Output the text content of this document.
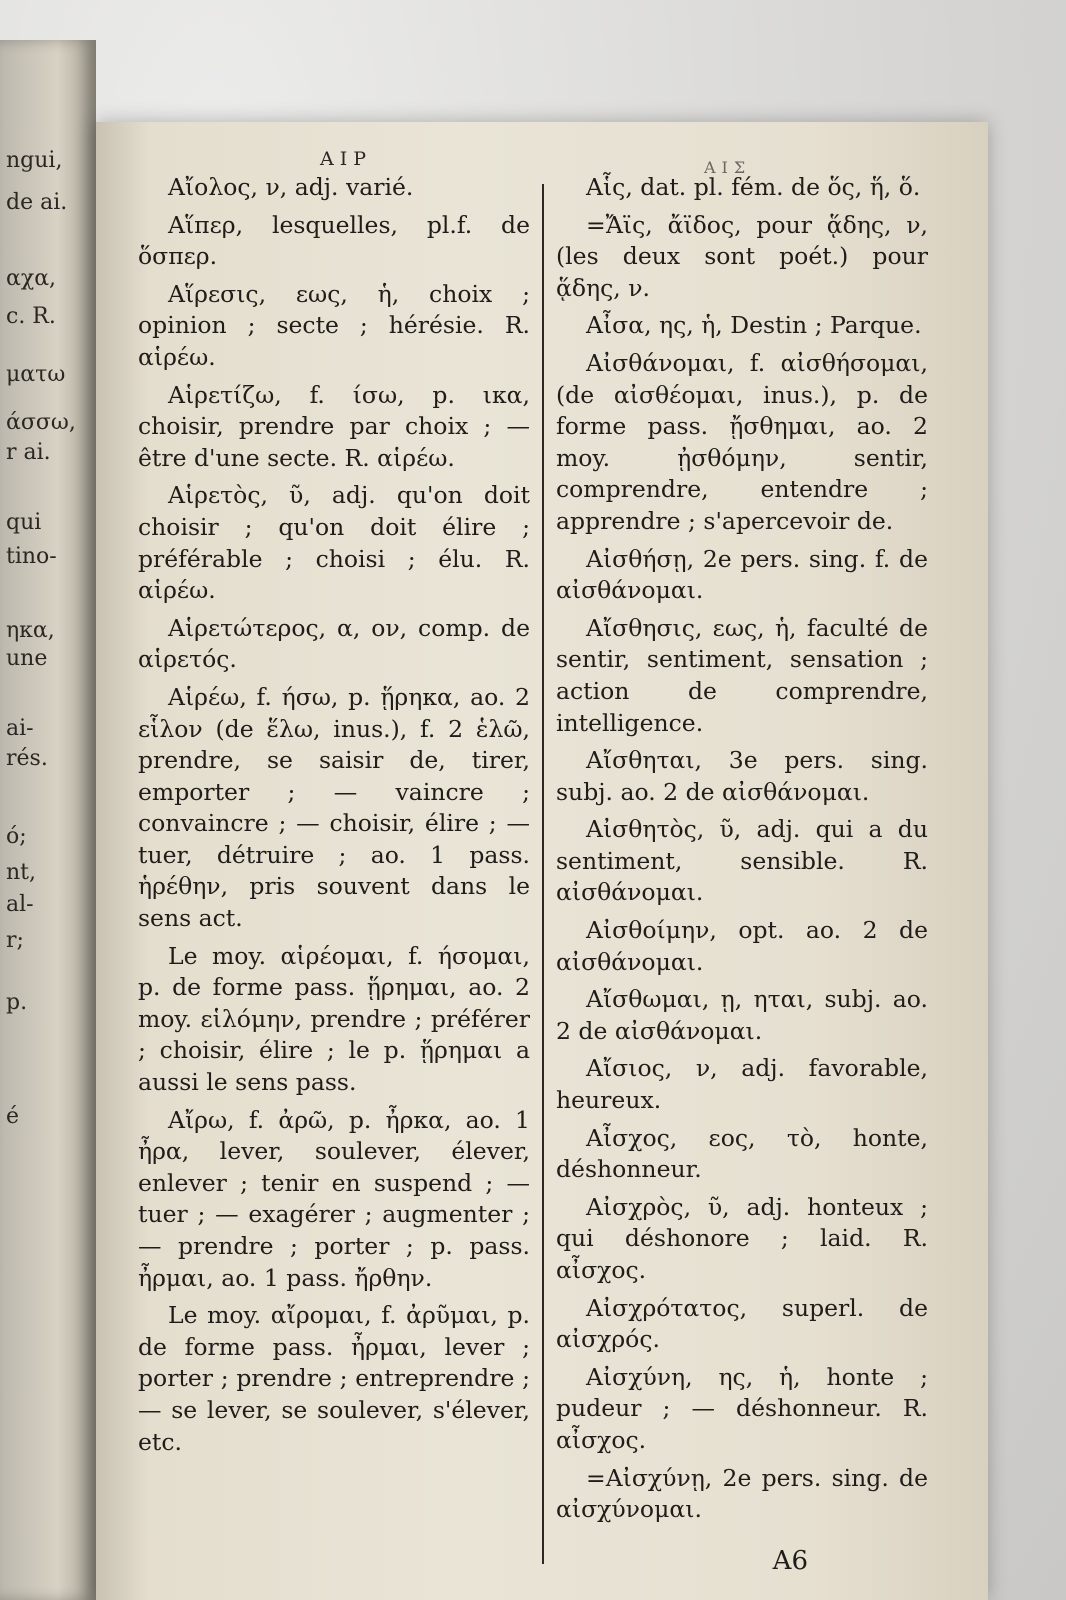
ngui,
de ai.
αχα,
c. R.
ματω
άσσω,
r ai.
qui
tino-
ηκα,
une
ai-
rés.
ό;
nt,
al-
r;
p.
é
ΑΙΡ	ΑΙΣ

Αἴολος, ν, adj. varié.

Αἵπερ, lesquelles, pl.f. de ὅσπερ.

Αἵρεσις, εως, ἡ, choix ; opinion ; secte ; hérésie. R. αἱρέω.

Αἱρετίζω, f. ίσω, p. ικα, choisir, prendre par choix ; — être d'une secte. R. αἱρέω.

Αἱρετὸς, ῦ, adj. qu'on doit choisir ; qu'on doit élire ; préférable ; choisi ; élu. R. αἱρέω.

Αἱρετώτερος, α, ον, comp. de αἱρετός.

Αἱρέω, f. ήσω, p. ᾕρηκα, ao. 2 εἷλον (de ἕλω, inus.), f. 2 ἑλῶ, prendre, se saisir de, tirer, emporter ; — vaincre ; convaincre ; — choisir, élire ; — tuer, détruire ; ao. 1 pass. ἡρέθην, pris souvent dans le sens act.

Le moy. αἱρέομαι, f. ήσομαι, p. de forme pass. ᾕρημαι, ao. 2 moy. εἱλόμην, prendre ; préférer ; choisir, élire ; le p. ᾕρημαι a aussi le sens pass.

Αἴρω, f. ἀρῶ, p. ἦρκα, ao. 1 ἦρα, lever, soulever, élever, enlever ; tenir en suspend ; — tuer ; — exagérer ; augmenter ; — prendre ; porter ; p. pass. ἦρμαι, ao. 1 pass. ἤρθην.

Le moy. αἴρομαι, f. ἀρῦμαι, p. de forme pass. ἦρμαι, lever ; porter ; prendre ; entreprendre ; — se lever, se soulever, s'élever, etc.

Αἷς, dat. pl. fém. de ὅς, ἥ, ὅ.

=Ἄϊς, ἄϊδος, pour ᾅδης, ν, (les deux sont poét.) pour ᾅδης, ν.

Αἶσα, ης, ἡ, Destin ; Parque.

Αἰσθάνομαι, f. αἰσθήσομαι, (de αἰσθέομαι, inus.), p. de forme pass. ᾔσθημαι, ao. 2 moy. ᾐσθόμην, sentir, comprendre, entendre ; apprendre ; s'apercevoir de.

Αἰσθήσῃ, 2e pers. sing. f. de αἰσθάνομαι.

Αἴσθησις, εως, ἡ, faculté de sentir, sentiment, sensation ; action de comprendre, intelligence.

Αἴσθηται, 3e pers. sing. subj. ao. 2 de αἰσθάνομαι.

Αἰσθητὸς, ῦ, adj. qui a du sentiment, sensible. R. αἰσθάνομαι.

Αἰσθοίμην, opt. ao. 2 de αἰσθάνομαι.

Αἴσθωμαι, ῃ, ηται, subj. ao. 2 de αἰσθάνομαι.

Αἴσιος, ν, adj. favorable, heureux.

Αἶσχος, εος, τὸ, honte, déshonneur.

Αἰσχρὸς, ῦ, adj. honteux ; qui déshonore ; laid. R. αἶσχος.

Αἰσχρότατος, superl. de αἰσχρός.

Αἰσχύνη, ης, ἡ, honte ; pudeur ; — déshonneur. R. αἶσχος.

=Αἰσχύνῃ, 2e pers. sing. de αἰσχύνομαι.

A6
